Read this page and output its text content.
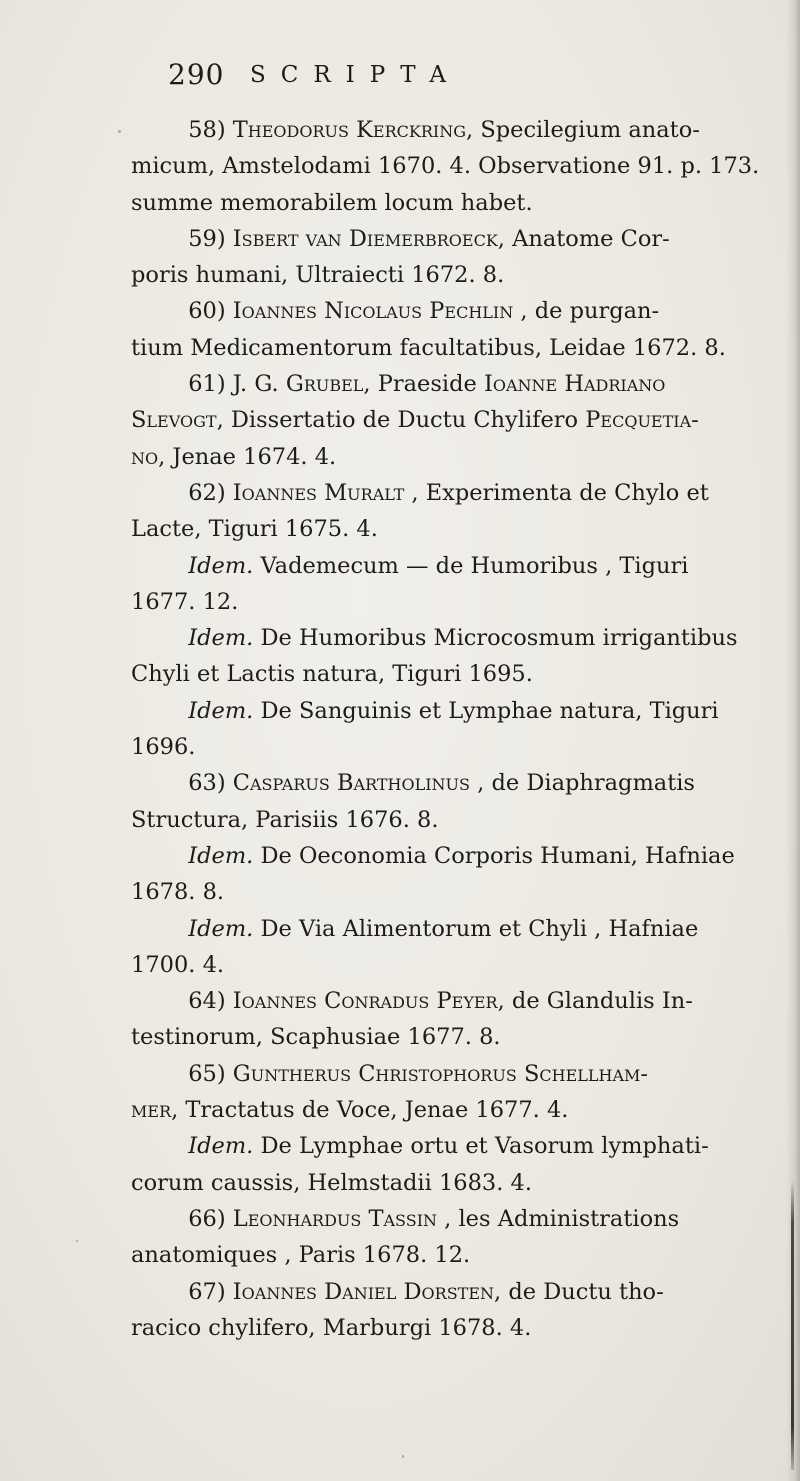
290 SCRIPTA
58) Theodorus Kerckring, Specilegium anato-
micum, Amstelodami 1670. 4. Observatione 91. p. 173.
summe memorabilem locum habet.
59) Isbert van Diemerbroeck, Anatome Cor-
poris humani, Ultraiecti 1672. 8.
60) Ioannes Nicolaus Pechlin , de purgan-
tium Medicamentorum facultatibus, Leidae 1672. 8.
61) J. G. Grubel, Praeside Ioanne Hadriano
Slevogt, Dissertatio de Ductu Chylifero Pecquetia-
no, Jenae 1674. 4.
62) Ioannes Muralt , Experimenta de Chylo et
Lacte, Tiguri 1675. 4.
Idem. Vademecum — de Humoribus , Tiguri
1677. 12.
Idem. De Humoribus Microcosmum irrigantibus
Chyli et Lactis natura, Tiguri 1695.
Idem. De Sanguinis et Lymphae natura, Tiguri
1696.
63) Casparus Bartholinus , de Diaphragmatis
Structura, Parisiis 1676. 8.
Idem. De Oeconomia Corporis Humani, Hafniae
1678. 8.
Idem. De Via Alimentorum et Chyli , Hafniae
1700. 4.
64) Ioannes Conradus Peyer, de Glandulis In-
testinorum, Scaphusiae 1677. 8.
65) Guntherus Christophorus Schellham-
mer, Tractatus de Voce, Jenae 1677. 4.
Idem. De Lymphae ortu et Vasorum lymphati-
corum caussis, Helmstadii 1683. 4.
66) Leonhardus Tassin , les Administrations
anatomiques , Paris 1678. 12.
67) Ioannes Daniel Dorsten, de Ductu tho-
racico chylifero, Marburgi 1678. 4.
